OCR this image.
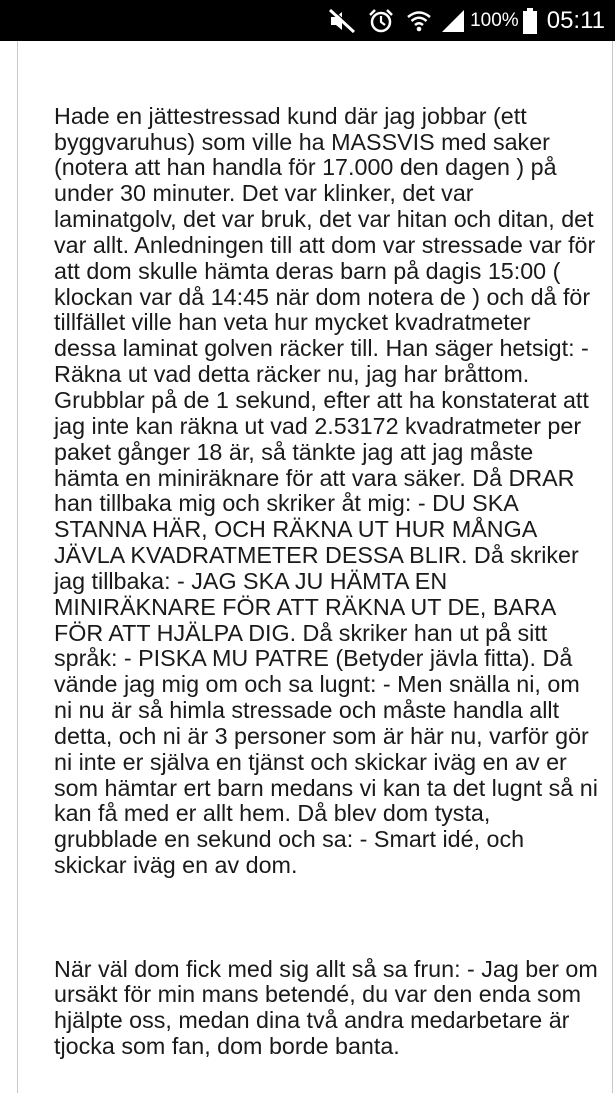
100% 05:11

Hade en jättestressad kund där jag jobbar (ett byggvaruhus) som ville ha MASSVIS med saker (notera att han handla för 17.000 den dagen ) på under 30 minuter. Det var klinker, det var laminatgolv, det var bruk, det var hitan och ditan, det var allt. Anledningen till att dom var stressade var för att dom skulle hämta deras barn på dagis 15:00 ( klockan var då 14:45 när dom notera de ) och då för tillfället ville han veta hur mycket kvadratmeter dessa laminat golven räcker till. Han säger hetsigt: - Räkna ut vad detta räcker nu, jag har bråttom. Grubblar på de 1 sekund, efter att ha konstaterat att jag inte kan räkna ut vad 2.53172 kvadratmeter per paket gånger 18 är, så tänkte jag att jag måste hämta en miniräknare för att vara säker. Då DRAR han tillbaka mig och skriker åt mig: - DU SKA STANNA HÄR, OCH RÄKNA UT HUR MÅNGA JÄVLA KVADRATMETER DESSA BLIR. Då skriker jag tillbaka: - JAG SKA JU HÄMTA EN MINIRÄKNARE FÖR ATT RÄKNA UT DE, BARA FÖR ATT HJÄLPA DIG. Då skriker han ut på sitt språk: - PISKA MU PATRE (Betyder jävla fitta). Då vände jag mig om och sa lugnt: - Men snälla ni, om ni nu är så himla stressade och måste handla allt detta, och ni är 3 personer som är här nu, varför gör ni inte er själva en tjänst och skickar iväg en av er som hämtar ert barn medans vi kan ta det lugnt så ni kan få med er allt hem. Då blev dom tysta, grubblade en sekund och sa: - Smart idé, och skickar iväg en av dom.

När väl dom fick med sig allt så sa frun: - Jag ber om ursäkt för min mans betendé, du var den enda som hjälpte oss, medan dina två andra medarbetare är tjocka som fan, dom borde banta.
